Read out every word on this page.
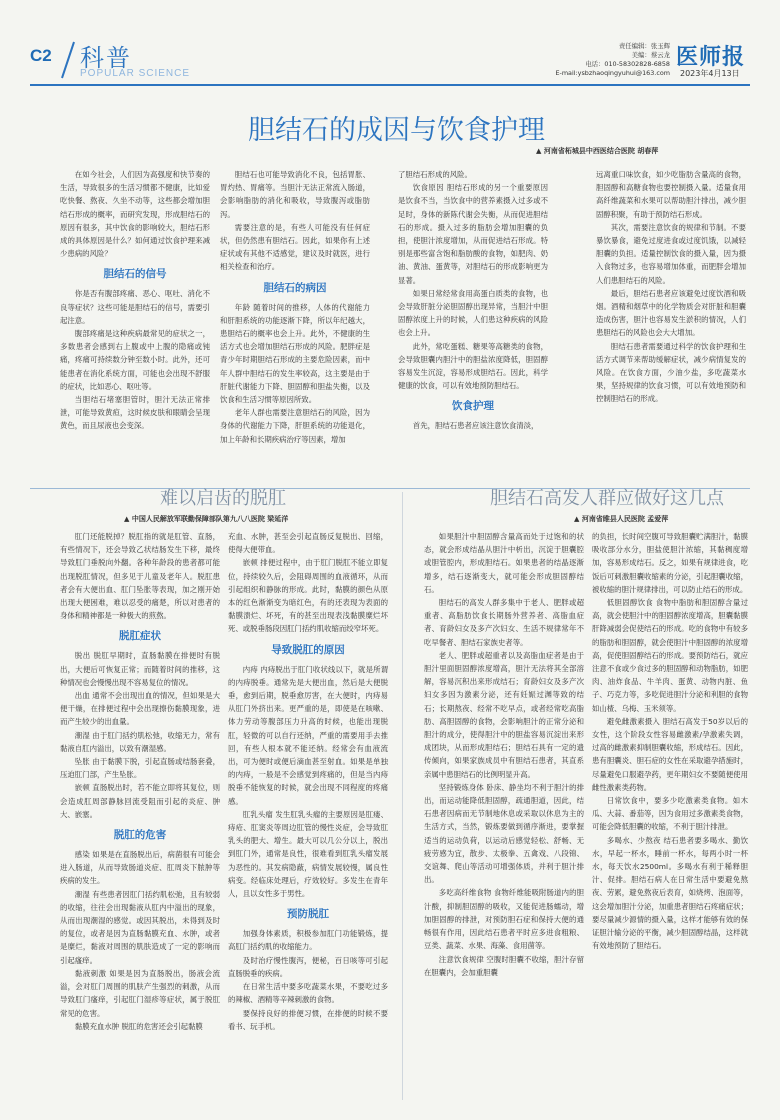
C2 科普
POPULAR SCIENCE
责任编辑：张玉辉
美编：蔡云龙
电话：010-58302828-6858
E-mail:ysbzhaoqingyuhui@163.com
医师报
2023年4月13日
胆结石的成因与饮食护理
▲ 河南省柘城县中西医结合医院 胡春萍

在如今社会，人们因为高强度和快节奏的生活，导致很多的生活习惯都不健康，比如爱吃快餐、熬夜、久坐不动等，这些都会增加胆结石形成的概率，而研究发现，形成胆结石的原因有很多，其中饮食的影响较大，胆结石形成的具体原因是什么？如何通过饮食护理来减少患病的风险？

胆结石的信号

你是否有腹部疼痛、恶心、呕吐、消化不良等症状？这些可能是胆结石的信号，需要引起注意。

腹部疼痛是这种疾病最常见的症状之一，多数患者会感到右上腹或中上腹的隐痛或钝痛，疼痛可持续数分钟至数小时。此外，还可能患者在消化系统方面，可能也会出现不舒服的症状，比如恶心、呕吐等。

当胆结石堵塞胆管时，胆汁无法正常排泄，可能导致黄疸，这时候皮肤和眼睛会呈现黄色，而且尿液也会变深。

胆结石也可能导致消化不良，包括胃胀、胃灼热、胃痛等。当胆汁无法正常流入肠道，会影响脂肪的消化和吸收，导致腹泻或脂肪泻。

需要注意的是，有些人可能没有任何症状，但仍然患有胆结石。因此，如果你有上述症状或有其他不适感觉，建议及时就医，进行相关检查和治疗。

胆结石的病因

年龄 随着时间的推移，人体的代谢能力和肝胆系统的功能逐渐下降，所以年纪越大，患胆结石的概率也会上升。此外，不健康的生活方式也会增加胆结石形成的风险。肥胖症是青少年时期胆结石形成的主要危险因素，而中年人群中胆结石的发生率较高，这主要是由于肝脏代谢能力下降、胆固醇和胆盐失衡，以及饮食和生活习惯等原因所致。

老年人群也需要注意胆结石的风险，因为身体的代谢能力下降，肝胆系统的功能退化，加上年龄和长期疾病治疗等因素，增加

了胆结石形成的风险。

饮食原因 胆结石形成的另一个重要原因是饮食不当，当饮食中的营养素摄入过多或不足时，身体的新陈代谢会失衡，从而促进胆结石的形成。摄入过多的脂肪会增加胆囊的负担，使胆汁浓度增加，从而促进结石形成。特别是那些富含饱和脂肪酸的食物，如肥肉、奶油、黄油、蛋黄等，对胆结石的形成影响更为显著。

如果日常经常食用高蛋白质类的食物，也会导致肝脏分泌胆固醇出现异常，当胆汁中胆固醇浓度上升的时候，人们患这种疾病的风险也会上升。

此外，常吃蛋糕、糖果等高糖类的食物，会导致胆囊内胆汁中的胆盐浓度降低，胆固醇容易发生沉淀，容易形成胆结石。因此，科学健康的饮食，可以有效地预防胆结石。

饮食护理

首先，胆结石患者应该注意饮食清淡，

远离重口味饮食，如少吃脂肪含量高的食物，胆固醇和高糖食物也要控制摄入量。适量食用高纤维蔬菜和水果可以帮助胆汁排出，减少胆固醇积聚，有助于预防结石形成。

其次，需要注意饮食的规律和节制。不要暴饮暴食，避免过度进食或过度饥饿，以减轻胆囊的负担。适量控制饮食的摄入量，因为摄入食物过多，也容易增加体重，而肥胖会增加人们患胆结石的风险。

最后，胆结石患者应该避免过度饮酒和吸烟。酒精和烟草中的化学物质会对肝脏和胆囊造成伤害，胆汁也容易发生淤积的情况，人们患胆结石的风险也会大大增加。

胆结石患者需要通过科学的饮食护理和生活方式调节来帮助缓解症状，减少病情复发的风险。在饮食方面，少油少盐，多吃蔬菜水果，坚持规律的饮食习惯，可以有效地预防和控制胆结石的形成。

难以启齿的脱肛
▲ 中国人民解放军联勤保障部队第九八八医院 梁延洋

肛门还能脱掉？脱肛指的就是肛管、直肠，有些情况下，还会导致乙状结肠发生下移，最终导致肛门垂脱向外翻。各种年龄段的患者都可能出现脱肛情况，但多见于儿童及老年人。脱肛患者会有大便出血、肛门坠胀等表现，加之刚开始出现大便困难，难以忍受的痛楚，所以对患者的身体和精神都是一种极大的煎熬。

脱肛症状

脱出 脱肛早期时，直肠黏膜在排便时有脱出，大便后可恢复正常；而随着时间的推移，这种情况也会慢慢出现不容易复位的情况。

出血 通常不会出现出血的情况，但如果是大便干燥，在排便过程中会出现擦伤黏膜现象，进而产生较少的出血量。

潮湿 由于肛门括约肌松弛，收缩无力，常有黏液自肛内溢出，以致有潮湿感。

坠胀 由于黏膜下脱，引起直肠或结肠套叠，压迫肛门部，产生坠胀。

嵌顿 直肠脱出时，若不能立即将其复位，则会造成肛周部静脉回流受阻而引起的炎症、肿大、嵌塞。

脱肛的危害

感染 如果是在直肠脱出后，病菌很有可能会进入肠道，从而导致肠道炎症、肛周炎下脓肿等疾病的发生。

潮湿 有些患者因肛门括约肌松弛，且有较弱的收缩，往往会出现黏液从肛内中溢出的现象，从而出现潮湿的感觉。或因其脱出，未得到及时的复位，或者是因为直肠黏膜充血、水肿，或者是糜烂，黏液对周围的肌肤造成了一定的影响而引起瘙痒。

黏液刺激 如果是因为直肠脱出，肠液会流溢，会对肛门周围的肌肤产生强烈的刺激，从而导致肛门瘙痒，引起肛门湿疹等症状，属于脱肛常见的危害。

黏膜充血水肿 脱肛的危害还会引起黏膜

充血、水肿，甚至会引起直肠反复脱出、回缩，使得大便带血。

嵌顿 排便过程中，由于肛门脱肛不能立即复位，持续较久后，会阻碍周围的血液循环，从而引起组织和静脉的形成。此时，黏膜的颜色从原本的红色渐渐变为暗红色，有的还表现为表面的黏膜溃烂、坏死，有的甚至出现表浅黏膜糜烂坏死、或脱垂肠段因肛门括约肌收缩而绞窄坏死。

导致脱肛的原因

内痔 内痔脱出于肛门收状线以下，就是所谓的内痔脱垂。通常先是大便出血，然后是大便脱垂，愈到后期，脱垂愈厉害，在大便时，内痔易从肛门外挤出来。更严重的是，即使是在咳嗽、体力劳动等腹部压力升高的时候，也能出现脱肛，轻微的可以自行还纳，严重的需要用手去推回，有些人根本就不能还纳。经常会有血液流出，可为便时或便后滴血甚至射血。如果是单独的内痔，一般是不会感觉到疼痛的，但是当内痔脱垂不能恢复的时候，就会出现不同程度的疼痛感。

肛乳头瘤 发生肛乳头瘤的主要原因是肛瘘、痔疮、肛窦炎等周边肛管的慢性炎症，会导致肛乳头的肥大、增生。最大可以几公分以上，脱出到肛门外，通常是良性，很难看到肛乳头瘤发展为恶性的。其发病隐蔽，病情发展较慢，属良性病变。经临床处理后，疗效较好。多发生在青年人，且以女性多于男性。

预防脱肛

加强身体素质，积极参加肛门功能锻炼，提高肛门括约肌的收缩能力。

及时治疗慢性腹泻，便秘，百日咳等可引起直肠脱垂的疾病。

在日常生活中要多吃蔬菜水果，不要吃过多的辣椒、酒精等辛辣刺激的食物。

要保持良好的排便习惯，在排便的时候不要看书、玩手机。

胆结石高发人群应做好这几点
▲ 河南省睢县人民医院 孟爱萍

如果胆汁中胆固醇含量高而处于过饱和的状态，就会形成结晶从胆汁中析出，沉淀于胆囊腔或胆管腔内，形成胆结石。如果患者的结晶逐渐增多，结石逐渐变大，就可能会形成胆固醇结石。

胆结石的高发人群多集中于老人、肥胖或超重者、高脂肪饮食长期肠外营养者、高脂血症者、育龄妇女及多产次妇女、生活不规律常年不吃早餐者、胆结石家族史者等。

老人、肥胖或超重者以及高脂血症者是由于胆汁里面胆固醇浓度增高，胆汁无法将其全部溶解，容易沉积出来形成结石；育龄妇女及多产次妇女多因为激素分泌，还有妊娠过渊等致的结石；长期熬夜、经常不吃早点，或者经常吃高脂肪、高胆固醇的食物，会影响胆汁的正常分泌和胆汁的成分，使得胆汁中的胆盐容易沉淀出来形成团块，从而形成胆结石；胆结石具有一定的遗传倾向，如果家族成员中有胆结石患者，其直系亲属中患胆结石的比例明显升高。

坚持锻炼身体 卧床、静坐均不利于胆汁的排出，而运动能降低胆固醇，疏通胆道，因此，结石患者因病而无节制地休息或采取以休息为主的生活方式，当然，锻炼要做到循序渐进，要掌握适当的运动负荷，以运动后感觉轻松、舒畅、无疲劳感为宜，散步、太极拳、五禽戏、八段锦、交谊舞、爬山等活动可增强体质，并利于胆汁排出。

多吃高纤维食物 食物纤维能吸附肠道内的胆汁酸，抑制胆固醇的吸收，又能促进肠蠕动，增加胆固醇的排泄，对预防胆石症和保持大便的通畅很有作用，因此结石患者平时应多进食粗粮、豆类、蔬菜、水果、海藻、食用菌等。

注意饮食规律 空腹时胆囊不收缩，胆汁存留在胆囊内，会加重胆囊

的负担，长时间空腹可导致胆囊贮满胆汁，黏膜吸收部分水分，胆盐使胆汁浓缩，其黏稠度增加，容易形成结石。反之，如果有规律进食，吃饭后可刺激胆囊收缩素的分泌，引起胆囊收缩，被收缩的胆汁规律排出，可以防止结石的形成。

低胆固醇饮食 食物中脂肪和胆固醇含量过高，就会使胆汁中的胆固醇浓度增高，胆囊黏膜肝降减弱会促使结石的形成。吃的食物中有较多的脂肪和胆固醇，就会使胆汁中胆固醇的浓度增高，促使胆固醇结石的形成。要预防结石，就应注意不食或少食过多的胆固醇和动物脂肪，如肥肉、油炸食品、牛羊肉、蛋黄、动物内脏、鱼子、巧克力等，多吃促进胆汁分泌和利胆的食物如山楂、乌梅、玉米须等。

避免雌激素摄入 胆结石高发于50岁以后的女性，这个阶段女性容易雌激素/孕激素失调，过高的雌激素抑制胆囊收缩，形成结石。因此，患有胆囊炎、胆石症的女性在采取避孕措施时，尽量避免口服避孕药，更年期妇女不要随便使用雌性激素类药物。

日常饮食中，要多少吃激素类食物。如木瓜、大蒜、番茄等，因为食用过多激素类食物，可能会降低胆囊的收缩，不利于胆汁排泄。

多喝水、少熬夜 结石患者要多喝水、勤饮水，早起一杯水，睡前一杯水，每两小时一杯水，每天饮水2500ml。多喝水有利于稀释胆汁、促排。胆结石病人在日常生活中要避免熬夜、劳累，避免熬夜后表育，如烧烤、泡面等，这会增加胆汁分泌，加重患者胆结石疼痛症状；要尽量减少源情的摄入量，这样才能够有效的保证胆汁输分泌的平衡，减少胆固醇结晶，这样就有效地预防了胆结石。
